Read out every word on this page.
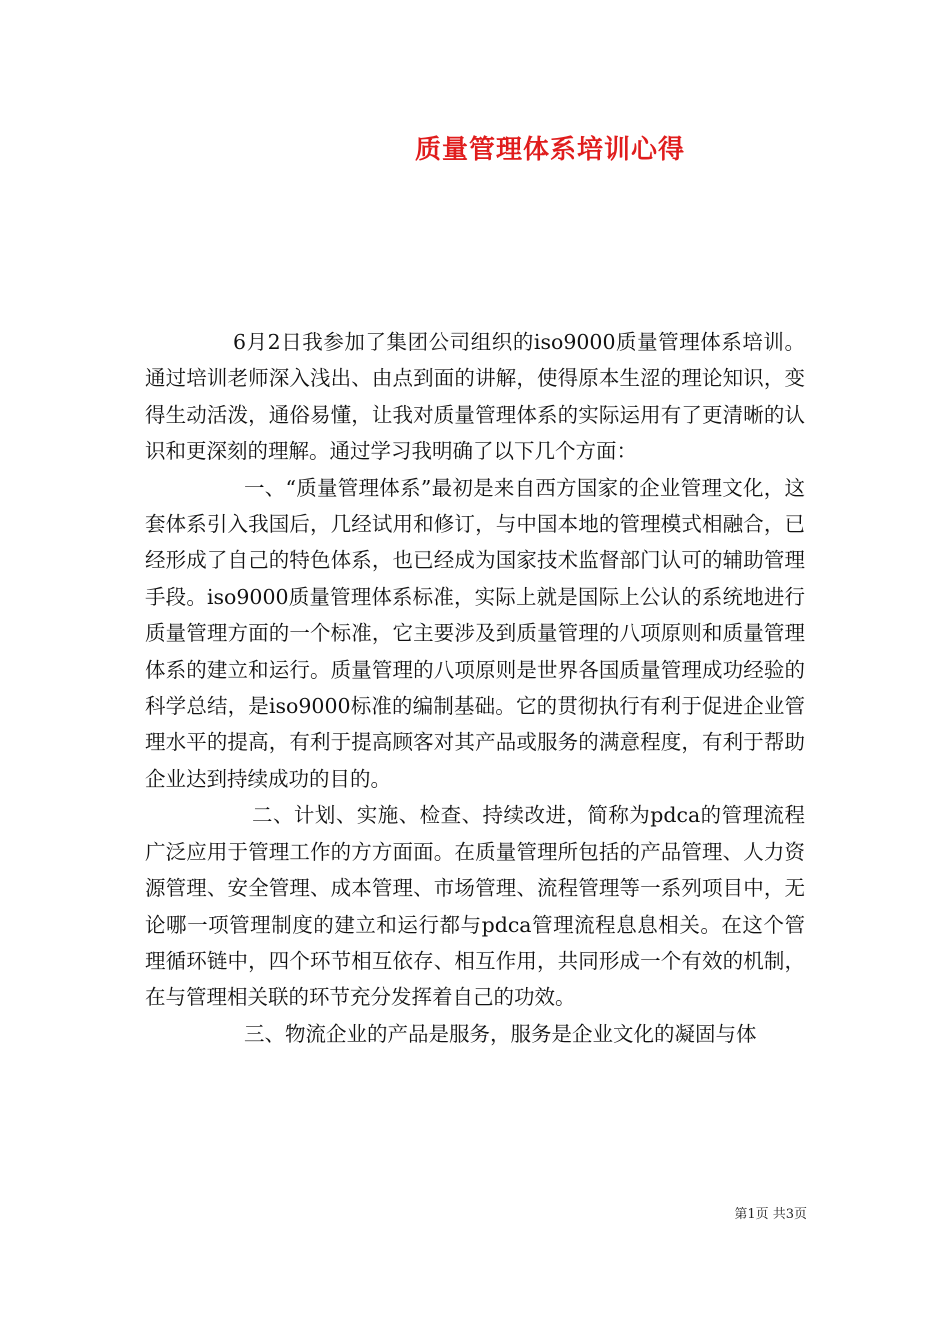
质量管理体系培训心得

6月2日我参加了集团公司组织的iso9000质量管理体系培训。通过培训老师深入浅出、由点到面的讲解，使得原本生涩的理论知识，变得生动活泼，通俗易懂，让我对质量管理体系的实际运用有了更清晰的认识和更深刻的理解。通过学习我明确了以下几个方面：

一、“质量管理体系”最初是来自西方国家的企业管理文化，这套体系引入我国后，几经试用和修订，与中国本地的管理模式相融合，已经形成了自己的特色体系，也已经成为国家技术监督部门认可的辅助管理手段。iso9000质量管理体系标准，实际上就是国际上公认的系统地进行质量管理方面的一个标准，它主要涉及到质量管理的八项原则和质量管理体系的建立和运行。质量管理的八项原则是世界各国质量管理成功经验的科学总结，是iso9000标准的编制基础。它的贯彻执行有利于促进企业管理水平的提高，有利于提高顾客对其产品或服务的满意程度，有利于帮助企业达到持续成功的目的。

二、计划、实施、检查、持续改进，简称为pdca的管理流程广泛应用于管理工作的方方面面。在质量管理所包括的产品管理、人力资源管理、安全管理、成本管理、市场管理、流程管理等一系列项目中，无论哪一项管理制度的建立和运行都与pdca管理流程息息相关。在这个管理循环链中，四个环节相互依存、相互作用，共同形成一个有效的机制，在与管理相关联的环节充分发挥着自己的功效。

三、物流企业的产品是服务，服务是企业文化的凝固与体

第1页 共3页
